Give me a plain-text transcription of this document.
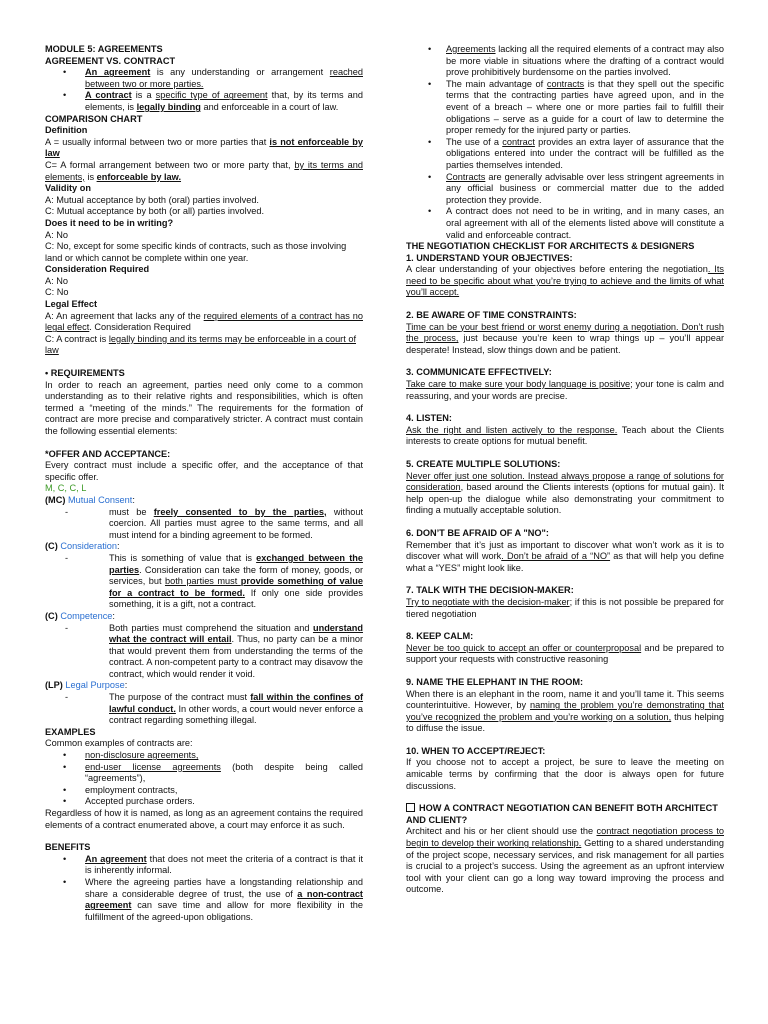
MODULE 5: AGREEMENTS

AGREEMENT VS. CONTRACT

•	An agreement is any understanding or arrangement reached between two or more parties.
•	A contract is a specific type of agreement that, by its terms and elements, is legally binding and enforceable in a court of law.

COMPARISON CHART

Definition

A = usually informal between two or more parties that is not enforceable by law

C= A formal arrangement between two or more party that, by its terms and elements, is enforceable by law.

Validity on

A: Mutual acceptance by both (oral) parties involved.

C: Mutual acceptance by both (or all) parties involved.

Does it need to be in writing?

A: No

C: No, except for some specific kinds of contracts, such as those involving land or which cannot be complete within one year.

Consideration Required

A: No

C: No

Legal Effect

A: An agreement that lacks any of the required elements of a contract has no legal effect. Consideration Required

C: A contract is legally binding and its terms may be enforceable in a court of law

• REQUIREMENTS

In order to reach an agreement, parties need only come to a common understanding as to their relative rights and responsibilities, which is often termed a “meeting of the minds.” The requirements for the formation of contract are more precise and comparatively stricter. A contract must contain the following essential elements:

*OFFER AND ACCEPTANCE:

Every contract must include a specific offer, and the acceptance of that specific offer.

M, C, C, L

(MC) Mutual Consent:

-	must be freely consented to by the parties, without coercion. All parties must agree to the same terms, and all must intend for a binding agreement to be formed.

(C) Consideration:

-	This is something of value that is exchanged between the parties. Consideration can take the form of money, goods, or services, but both parties must provide something of value for a contract to be formed. If only one side provides something, it is a gift, not a contract.

(C) Competence:

-	Both parties must comprehend the situation and understand what the contract will entail. Thus, no party can be a minor that would prevent them from understanding the terms of the contract. A non-competent party to a contract may disavow the contract, which would render it void.

(LP) Legal Purpose:

-	The purpose of the contract must fall within the confines of lawful conduct. In other words, a court would never enforce a contract regarding something illegal.

EXAMPLES

Common examples of contracts are:

•	non-disclosure agreements,
•	end-user license agreements (both despite being called “agreements”),
•	employment contracts,
•	Accepted purchase orders.

Regardless of how it is named, as long as an agreement contains the required elements of a contract enumerated above, a court may enforce it as such.

BENEFITS

•	An agreement that does not meet the criteria of a contract is that it is inherently informal.
•	Where the agreeing parties have a longstanding relationship and share a considerable degree of trust, the use of a non-contract agreement can save time and allow for more flexibility in the fulfillment of the agreed-upon obligations.
•	Agreements lacking all the required elements of a contract may also be more viable in situations where the drafting of a contract would prove prohibitively burdensome on the parties involved.
•	The main advantage of contracts is that they spell out the specific terms that the contracting parties have agreed upon, and in the event of a breach – where one or more parties fail to fulfill their obligations – serve as a guide for a court of law to determine the proper remedy for the injured party or parties.
•	The use of a contract provides an extra layer of assurance that the obligations entered into under the contract will be fulfilled as the parties themselves intended.
•	Contracts are generally advisable over less stringent agreements in any official business or commercial matter due to the added protection they provide.
•	A contract does not need to be in writing, and in many cases, an oral agreement with all of the elements listed above will constitute a valid and enforceable contract.

THE NEGOTIATION CHECKLIST FOR ARCHITECTS & DESIGNERS

1. UNDERSTAND YOUR OBJECTIVES:

A clear understanding of your objectives before entering the negotiation. Its need to be specific about what you’re trying to achieve and the limits of what you’ll accept.

2. BE AWARE OF TIME CONSTRAINTS:

Time can be your best friend or worst enemy during a negotiation. Don’t rush the process, just because you’re keen to wrap things up – you’ll appear desperate! Instead, slow things down and be patient.

3. COMMUNICATE EFFECTIVELY:

Take care to make sure your body language is positive; your tone is calm and reassuring, and your words are precise.

4. LISTEN:

Ask the right and listen actively to the response. Teach about the Clients interests to create options for mutual benefit.

5. CREATE MULTIPLE SOLUTIONS:

Never offer just one solution. Instead always propose a range of solutions for consideration, based around the Clients interests (options for mutual gain). It help open-up the dialogue while also demonstrating your commitment to finding a mutually acceptable solution.

6. DON’T BE AFRAID OF A "NO":

Remember that it’s just as important to discover what won’t work as it is to discover what will work. Don’t be afraid of a “NO” as that will help you define what a “YES” might look like.

7. TALK WITH THE DECISION-MAKER:

Try to negotiate with the decision-maker; if this is not possible be prepared for tiered negotiation

8. KEEP CALM:

Never be too quick to accept an offer or counterproposal and be prepared to support your requests with constructive reasoning

9. NAME THE ELEPHANT IN THE ROOM:

When there is an elephant in the room, name it and you’ll tame it. This seems counterintuitive. However, by naming the problem you’re demonstrating that you’ve recognized the problem and you’re working on a solution, thus helping to diffuse the issue.

10. WHEN TO ACCEPT/REJECT:

If you choose not to accept a project, be sure to leave the meeting on amicable terms by confirming that the door is always open for future discussions.

HOW A CONTRACT NEGOTIATION CAN BENEFIT BOTH ARCHITECT AND CLIENT?

Architect and his or her client should use the contract negotiation process to begin to develop their working relationship. Getting to a shared understanding of the project scope, necessary services, and risk management for all parties is crucial to a project’s success. Using the agreement as an upfront interview tool with your client can go a long way toward improving the process and outcome.
